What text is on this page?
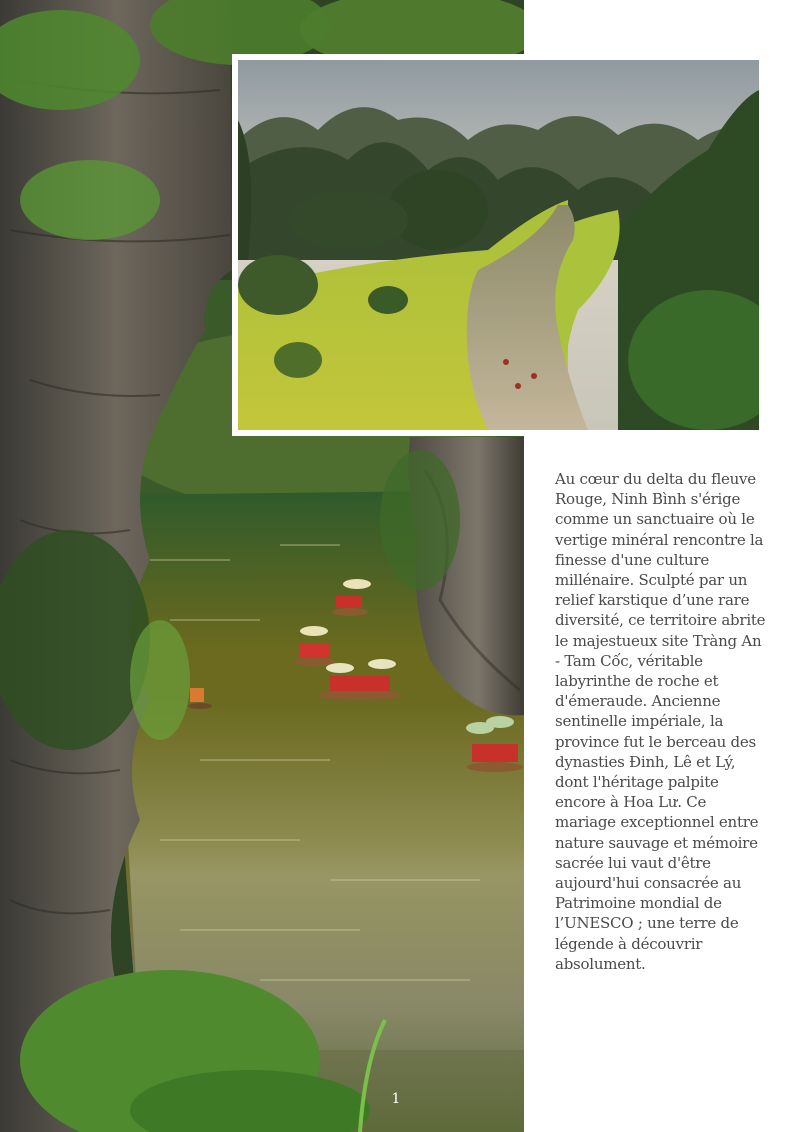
Au cœur du delta du fleuve Rouge, Ninh Bình s'érige comme un sanctuaire où le vertige minéral rencontre la finesse d'une culture millénaire. Sculpté par un relief karstique d’une rare diversité, ce territoire abrite le majestueux site Tràng An - Tam Cốc, véritable labyrinthe de roche et d'émeraude. Ancienne sentinelle impériale, la province fut le berceau des dynasties Đinh, Lê et Lý, dont l'héritage palpite encore à Hoa Lư. Ce mariage exceptionnel entre nature sauvage et mémoire sacrée lui vaut d'être aujourd'hui consacrée au Patrimoine mondial de l’UNESCO ; une terre de légende à découvrir absolument.

1
